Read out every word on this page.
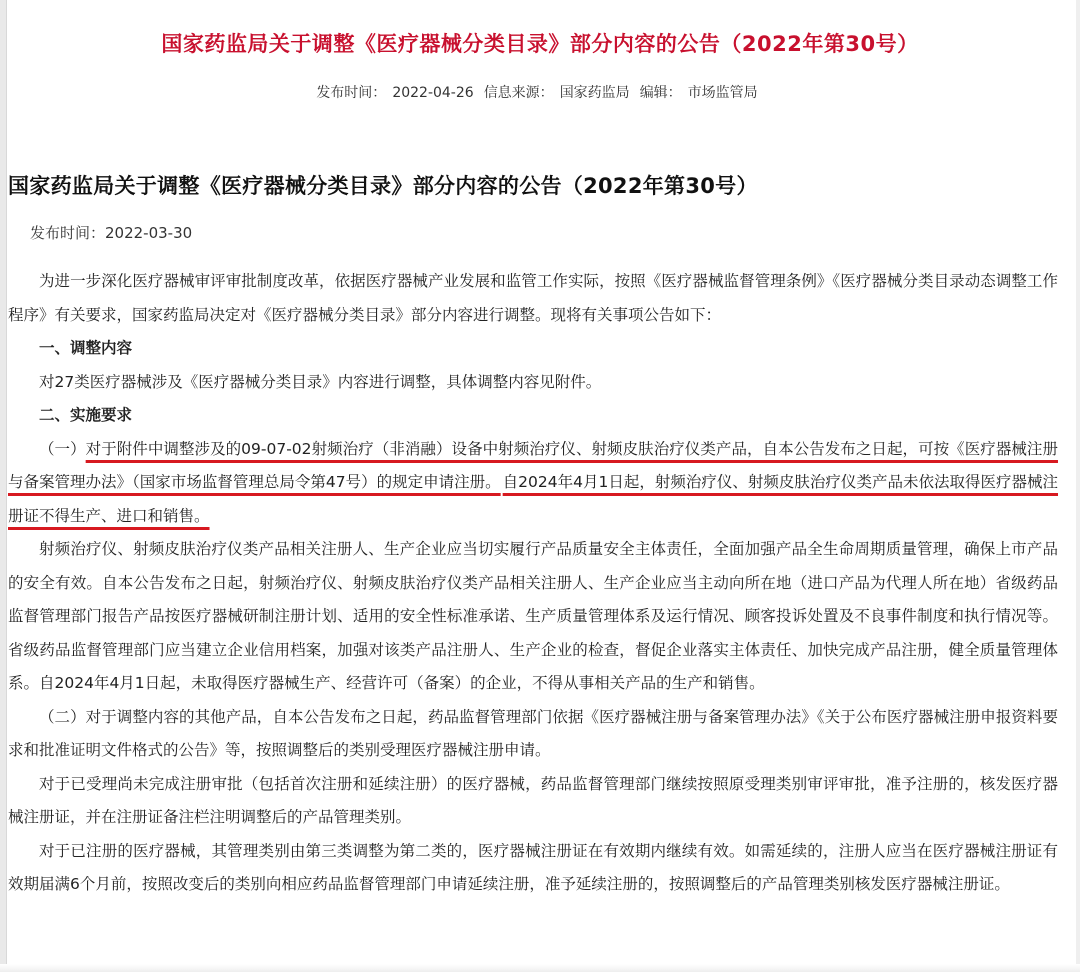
国家药监局关于调整《医疗器械分类目录》部分内容的公告（2022年第30号）
发布时间： 2022-04-26 信息来源： 国家药监局 编辑： 市场监管局
国家药监局关于调整《医疗器械分类目录》部分内容的公告（2022年第30号）
发布时间：2022-03-30

为进一步深化医疗器械审评审批制度改革，依据医疗器械产业发展和监管工作实际，按照《医疗器械监督管理条例》《医疗器械分类目录动态调整工作程序》有关要求，国家药监局决定对《医疗器械分类目录》部分内容进行调整。现将有关事项公告如下：

一、调整内容

对27类医疗器械涉及《医疗器械分类目录》内容进行调整，具体调整内容见附件。

二、实施要求

（一）对于附件中调整涉及的09-07-02射频治疗（非消融）设备中射频治疗仪、射频皮肤治疗仪类产品，自本公告发布之日起，可按《医疗器械注册与备案管理办法》（国家市场监督管理总局令第47号）的规定申请注册。 自2024年4月1日起，射频治疗仪、射频皮肤治疗仪类产品未依法取得医疗器械注册证不得生产、进口和销售。

射频治疗仪、射频皮肤治疗仪类产品相关注册人、生产企业应当切实履行产品质量安全主体责任，全面加强产品全生命周期质量管理，确保上市产品的安全有效。自本公告发布之日起，射频治疗仪、射频皮肤治疗仪类产品相关注册人、生产企业应当主动向所在地（进口产品为代理人所在地）省级药品监督管理部门报告产品按医疗器械研制注册计划、适用的安全性标准承诺、生产质量管理体系及运行情况、顾客投诉处置及不良事件制度和执行情况等。省级药品监督管理部门应当建立企业信用档案，加强对该类产品注册人、生产企业的检查，督促企业落实主体责任、加快完成产品注册，健全质量管理体系。自2024年4月1日起，未取得医疗器械生产、经营许可（备案）的企业，不得从事相关产品的生产和销售。

（二）对于调整内容的其他产品，自本公告发布之日起，药品监督管理部门依据《医疗器械注册与备案管理办法》《关于公布医疗器械注册申报资料要求和批准证明文件格式的公告》等，按照调整后的类别受理医疗器械注册申请。

对于已受理尚未完成注册审批（包括首次注册和延续注册）的医疗器械，药品监督管理部门继续按照原受理类别审评审批，准予注册的，核发医疗器械注册证，并在注册证备注栏注明调整后的产品管理类别。

对于已注册的医疗器械，其管理类别由第三类调整为第二类的，医疗器械注册证在有效期内继续有效。如需延续的，注册人应当在医疗器械注册证有效期届满6个月前，按照改变后的类别向相应药品监督管理部门申请延续注册，准予延续注册的，按照调整后的产品管理类别核发医疗器械注册证。
